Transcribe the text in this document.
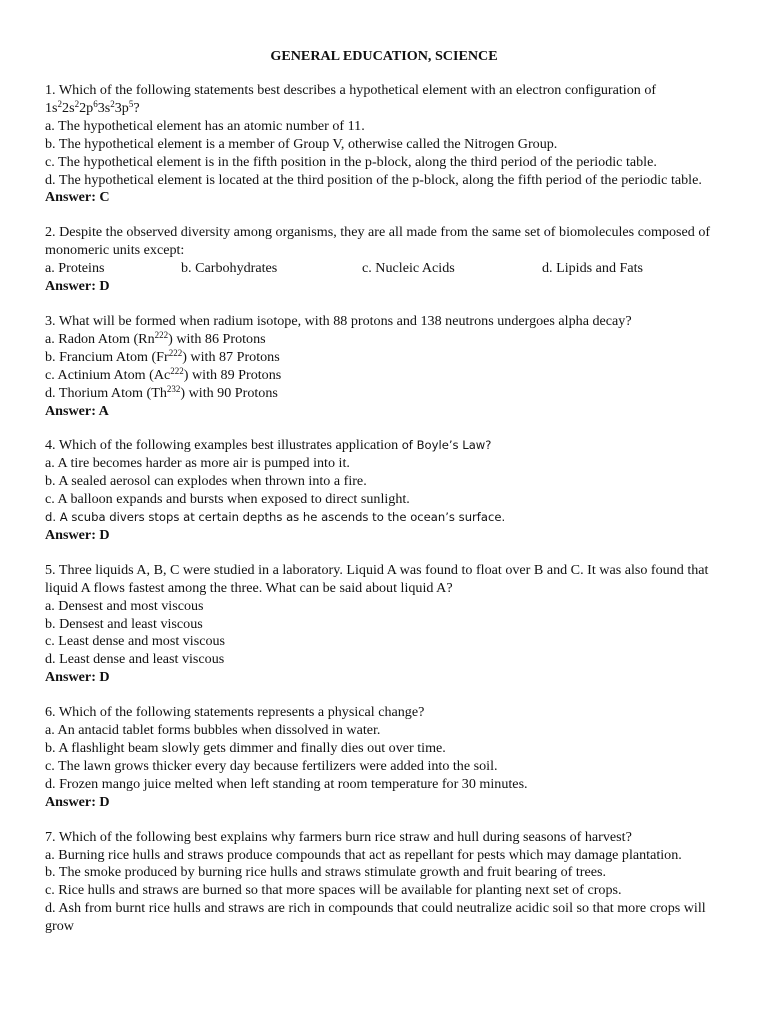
GENERAL EDUCATION, SCIENCE
1. Which of the following statements best describes a hypothetical element with an electron configuration of
$1s^22s^22p^63s^23p^5$?
a. The hypothetical element has an atomic number of 11.
b. The hypothetical element is a member of Group V, otherwise called the Nitrogen Group.
c. The hypothetical element is in the fifth position in the p-block, along the third period of the periodic table.
d. The hypothetical element is located at the third position of the p-block, along the fifth period of the periodic table.
Answer: C
2. Despite the observed diversity among organisms, they are all made from the same set of biomolecules composed of monomeric units except:
a. Proteins	b. Carbohydrates	c. Nucleic Acids	d. Lipids and Fats
Answer: D
3. What will be formed when radium isotope, with 88 protons and 138 neutrons undergoes alpha decay?
a. Radon Atom (Rn$^{222}$) with 86 Protons
b. Francium Atom (Fr$^{222}$) with 87 Protons
c. Actinium Atom (Ac$^{222}$) with 89 Protons
d. Thorium Atom (Th$^{232}$) with 90 Protons
Answer: A
4. Which of the following examples best illustrates application of Boyle’s Law?
a. A tire becomes harder as more air is pumped into it.
b. A sealed aerosol can explodes when thrown into a fire.
c. A balloon expands and bursts when exposed to direct sunlight.
d. A scuba divers stops at certain depths as he ascends to the ocean’s surface.
Answer: D
5. Three liquids A, B, C were studied in a laboratory. Liquid A was found to float over B and C. It was also found that liquid A flows fastest among the three. What can be said about liquid A?
a. Densest and most viscous
b. Densest and least viscous
c. Least dense and most viscous
d. Least dense and least viscous
Answer: D
6. Which of the following statements represents a physical change?
a. An antacid tablet forms bubbles when dissolved in water.
b. A flashlight beam slowly gets dimmer and finally dies out over time.
c. The lawn grows thicker every day because fertilizers were added into the soil.
d. Frozen mango juice melted when left standing at room temperature for 30 minutes.
Answer: D
7. Which of the following best explains why farmers burn rice straw and hull during seasons of harvest?
a. Burning rice hulls and straws produce compounds that act as repellant for pests which may damage plantation.
b. The smoke produced by burning rice hulls and straws stimulate growth and fruit bearing of trees.
c. Rice hulls and straws are burned so that more spaces will be available for planting next set of crops.
d. Ash from burnt rice hulls and straws are rich in compounds that could neutralize acidic soil so that more crops will grow
